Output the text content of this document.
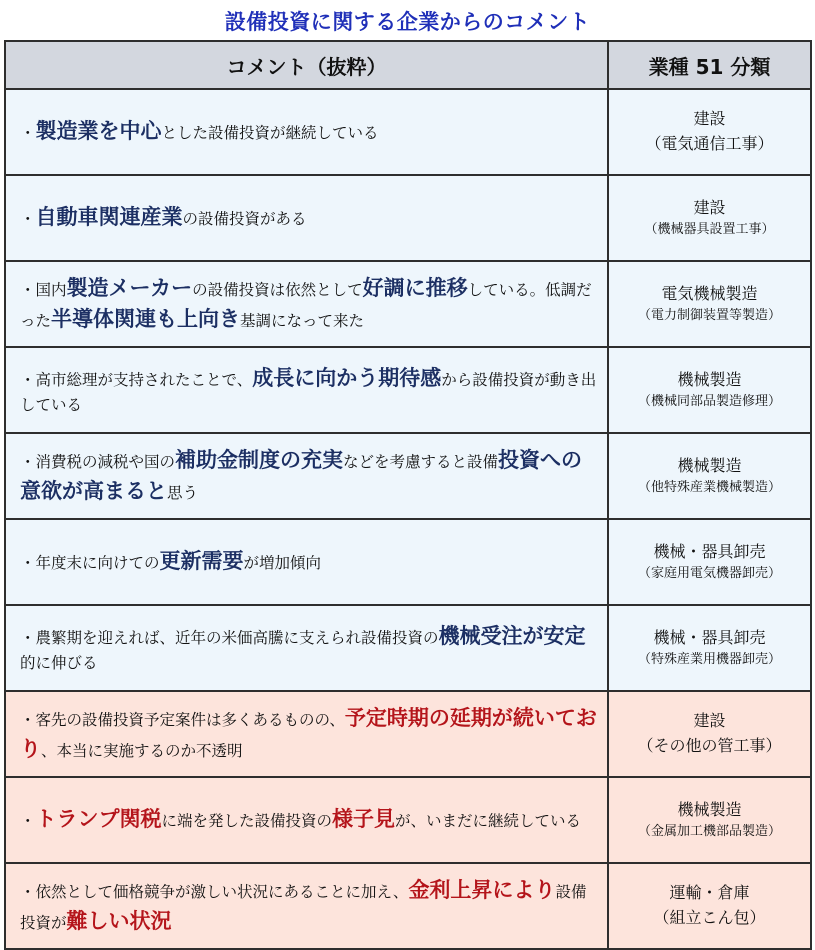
設備投資に関する企業からのコメント
コメント（抜粋）	業種 51 分類
・製造業を中心とした設備投資が継続している	建設
（電気通信工事）

・自動車関連産業の設備投資がある	建設
（機械器具設置工事）

・国内製造メーカーの設備投資は依然として好調に推移している。低調だった半導体関連も上向き基調になって来た	電気機械製造
（電力制御装置等製造）

・高市総理が支持されたことで、成長に向かう期待感から設備投資が動き出している	機械製造
（機械同部品製造修理）

・消費税の減税や国の補助金制度の充実などを考慮すると設備投資への意欲が高まると思う	機械製造
（他特殊産業機械製造）

・年度末に向けての更新需要が増加傾向	機械・器具卸売
（家庭用電気機器卸売）

・農繁期を迎えれば、近年の米価高騰に支えられ設備投資の機械受注が安定的に伸びる	機械・器具卸売
（特殊産業用機器卸売）

・客先の設備投資予定案件は多くあるものの、予定時期の延期が続いており、本当に実施するのか不透明	建設
（その他の管工事）

・トランプ関税に端を発した設備投資の様子見が、いまだに継続している	機械製造
（金属加工機部品製造）

・依然として価格競争が激しい状況にあることに加え、金利上昇により設備投資が難しい状況	運輸・倉庫
（組立こん包）
